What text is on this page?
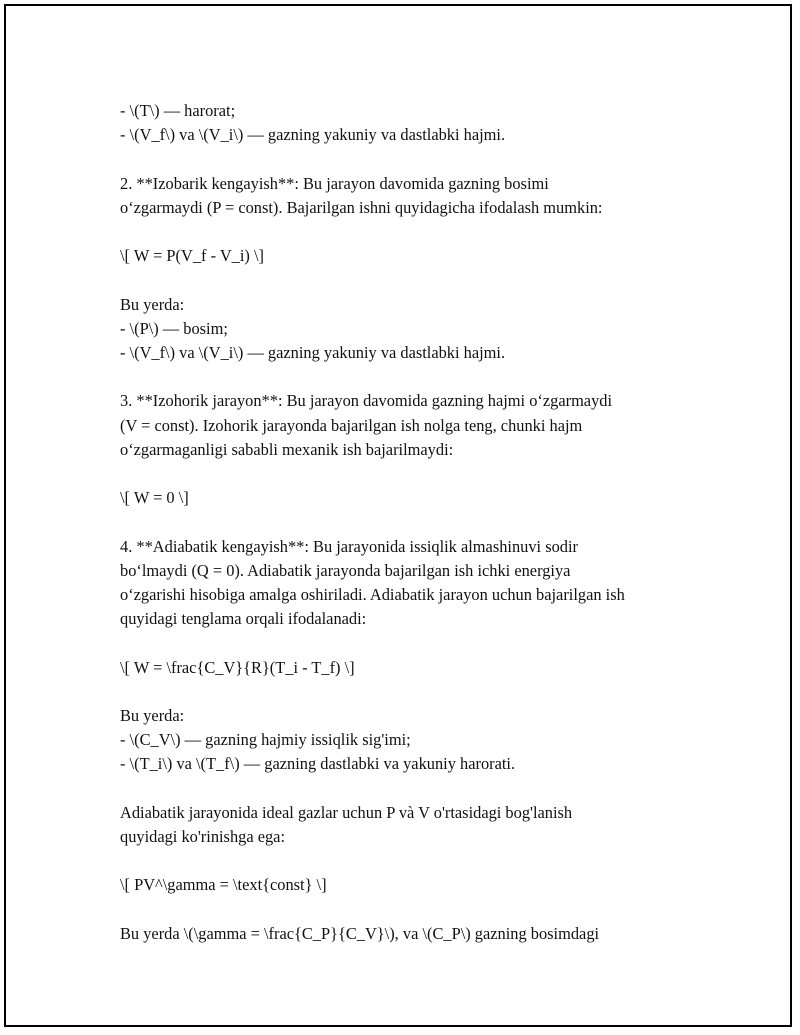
- \(T\) — harorat;
- \(V_f\) va \(V_i\) — gazning yakuniy va dastlabki hajmi.
2. **Izobarik kengayish**: Bu jarayon davomida gazning bosimi
o‘zgarmaydi (P = const). Bajarilgan ishni quyidagicha ifodalash mumkin:
\[ W = P(V_f - V_i) \]
Bu yerda:
- \(P\) — bosim;
- \(V_f\) va \(V_i\) — gazning yakuniy va dastlabki hajmi.
3. **Izohorik jarayon**: Bu jarayon davomida gazning hajmi o‘zgarmaydi
(V = const). Izohorik jarayonda bajarilgan ish nolga teng, chunki hajm
o‘zgarmaganligi sababli mexanik ish bajarilmaydi:
\[ W = 0 \]
4. **Adiabatik kengayish**: Bu jarayonida issiqlik almashinuvi sodir
bo‘lmaydi (Q = 0). Adiabatik jarayonda bajarilgan ish ichki energiya
o‘zgarishi hisobiga amalga oshiriladi. Adiabatik jarayon uchun bajarilgan ish
quyidagi tenglama orqali ifodalanadi:
\[ W = \frac{C_V}{R}(T_i - T_f) \]
Bu yerda:
- \(C_V\) — gazning hajmiy issiqlik sig'imi;
- \(T_i\) va \(T_f\) — gazning dastlabki va yakuniy harorati.
Adiabatik jarayonida ideal gazlar uchun P và V o'rtasidagi bog'lanish
quyidagi ko'rinishga ega:
\[ PV^\gamma = \text{const} \]
Bu yerda \(\gamma = \frac{C_P}{C_V}\), va \(C_P\) gazning bosimdagi
